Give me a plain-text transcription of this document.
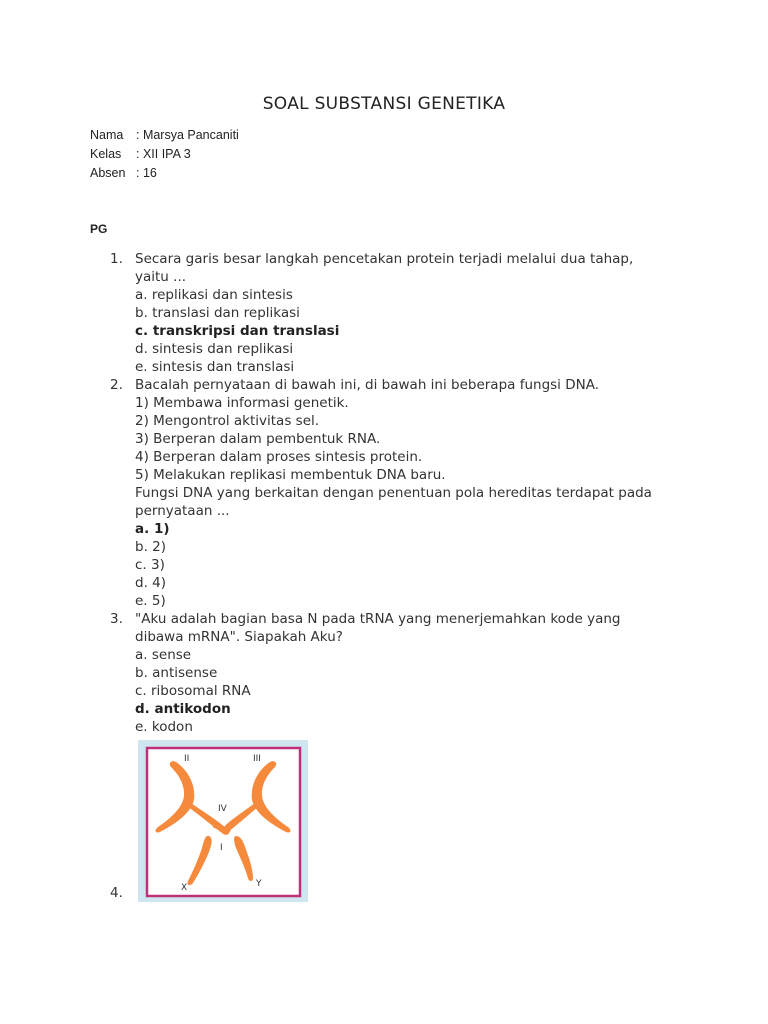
SOAL SUBSTANSI GENETIKA
Nama	: Marsya Pancaniti
Kelas	: XII IPA 3
Absen : 16
PG
1. Secara garis besar langkah pencetakan protein terjadi melalui dua tahap, yaitu ...
a. replikasi dan sintesis
b. translasi dan replikasi
c. transkripsi dan translasi
d. sintesis dan replikasi
e. sintesis dan translasi
2. Bacalah pernyataan di bawah ini, di bawah ini beberapa fungsi DNA.
1) Membawa informasi genetik.
2) Mengontrol aktivitas sel.
3) Berperan dalam pembentuk RNA.
4) Berperan dalam proses sintesis protein.
5) Melakukan replikasi membentuk DNA baru.
Fungsi DNA yang berkaitan dengan penentuan pola hereditas terdapat pada pernyataan ...
a. 1)
b. 2)
c. 3)
d. 4)
e. 5)
3. "Aku adalah bagian basa N pada tRNA yang menerjemahkan kode yang dibawa mRNA". Siapakah Aku?
a. sense
b. antisense
c. ribosomal RNA
d. antikodon
e. kodon
4.
II	III
IV
I
X	Y
